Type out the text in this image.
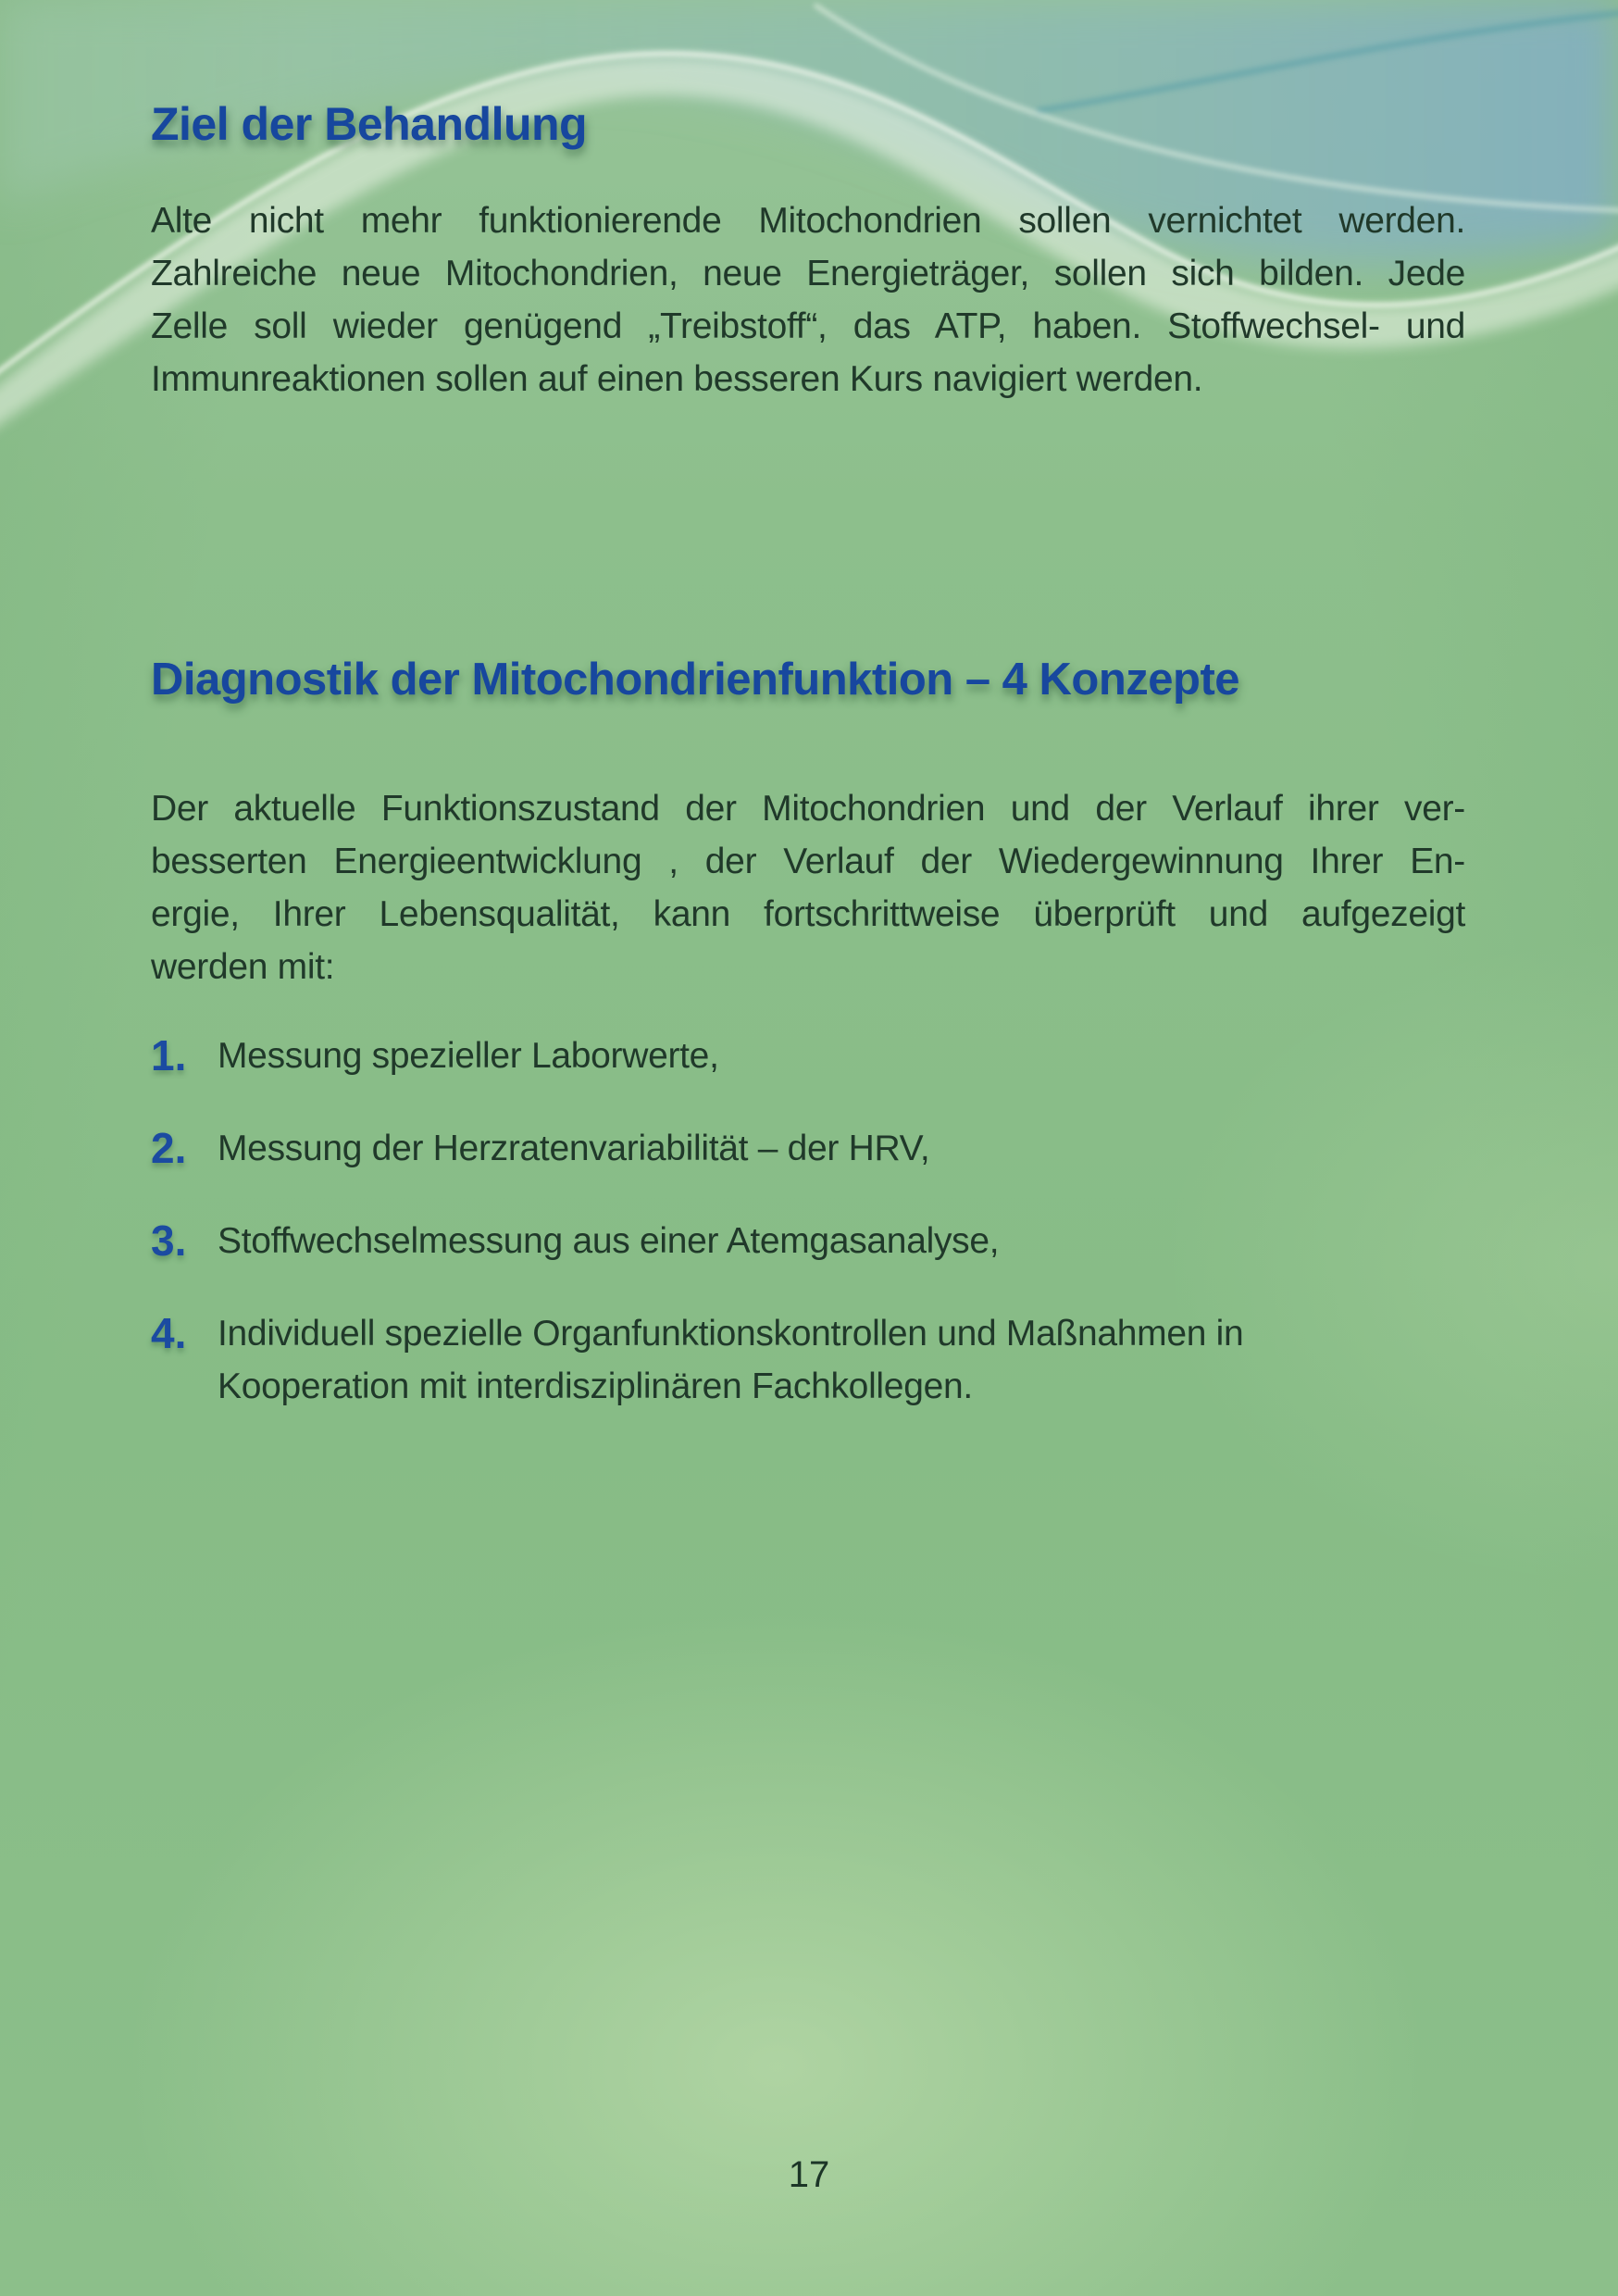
Ziel der Behandlung
Alte nicht mehr funktionierende Mitochondrien sollen vernichtet werden.
Zahlreiche neue Mitochondrien, neue Energieträger, sollen sich bilden. Jede
Zelle soll wieder genügend „Treibstoff“, das ATP, haben. Stoffwechsel- und
Immunreaktionen sollen auf einen besseren Kurs navigiert werden.
Diagnostik der Mitochondrienfunktion – 4 Konzepte
Der aktuelle Funktionszustand der Mitochondrien und der Verlauf ihrer ver-
besserten Energieentwicklung , der Verlauf der Wiedergewinnung Ihrer En-
ergie, Ihrer Lebensqualität, kann fortschrittweise überprüft und aufgezeigt
werden mit:
1. Messung spezieller Laborwerte,
2. Messung der Herzratenvariabilität – der HRV,
3. Stoffwechselmessung aus einer Atemgasanalyse,
4. Individuell spezielle Organfunktionskontrollen und Maßnahmen in
Kooperation mit interdisziplinären Fachkollegen.
17
